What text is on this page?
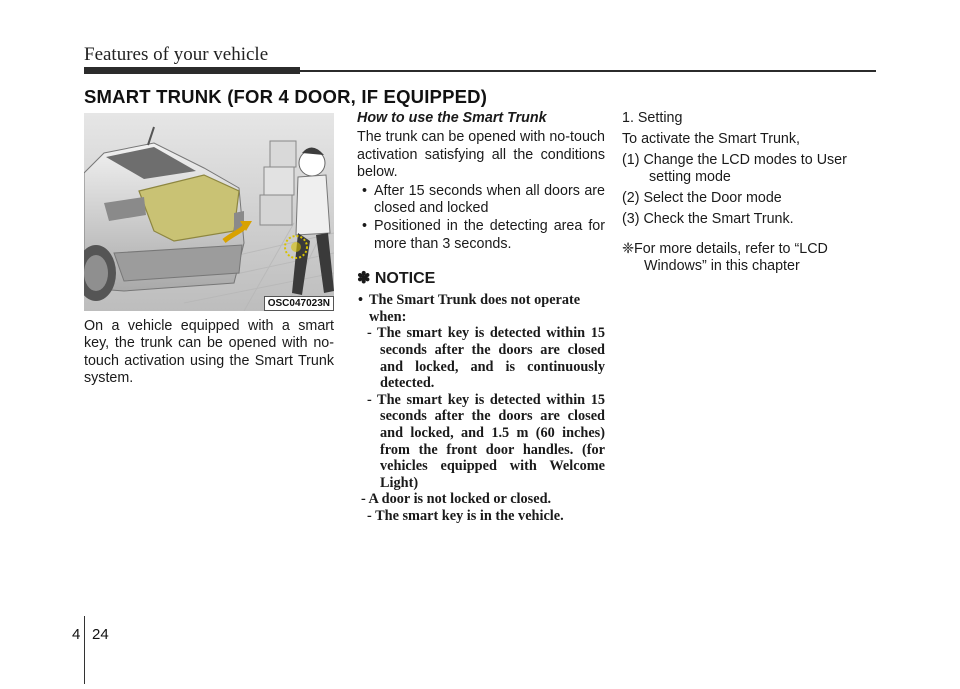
Features of your vehicle
SMART TRUNK (FOR 4 DOOR, IF EQUIPPED)
OSC047023N

On a vehicle equipped with a smart key, the trunk can be opened with no-touch activation using the Smart Trunk system.

How to use the Smart Trunk

The trunk can be opened with no-touch activation satisfying all the conditions below.

• After 15 seconds when all doors are closed and locked
• Positioned in the detecting area for more than 3 seconds.
✽ NOTICE
• The Smart Trunk does not operate when:
- The smart key is detected within 15 seconds after the doors are closed and locked, and is continuously detected.
- The smart key is detected within 15 seconds after the doors are closed and locked, and 1.5 m (60 inches) from the front door handles. (for vehicles equipped with Welcome Light)
- A door is not locked or closed.
- The smart key is in the vehicle.
1. Setting
To activate the Smart Trunk,
(1) Change the LCD modes to User setting mode
(2) Select the Door mode
(3) Check the Smart Trunk.
❈For more details, refer to “LCD Windows” in this chapter
4 24
